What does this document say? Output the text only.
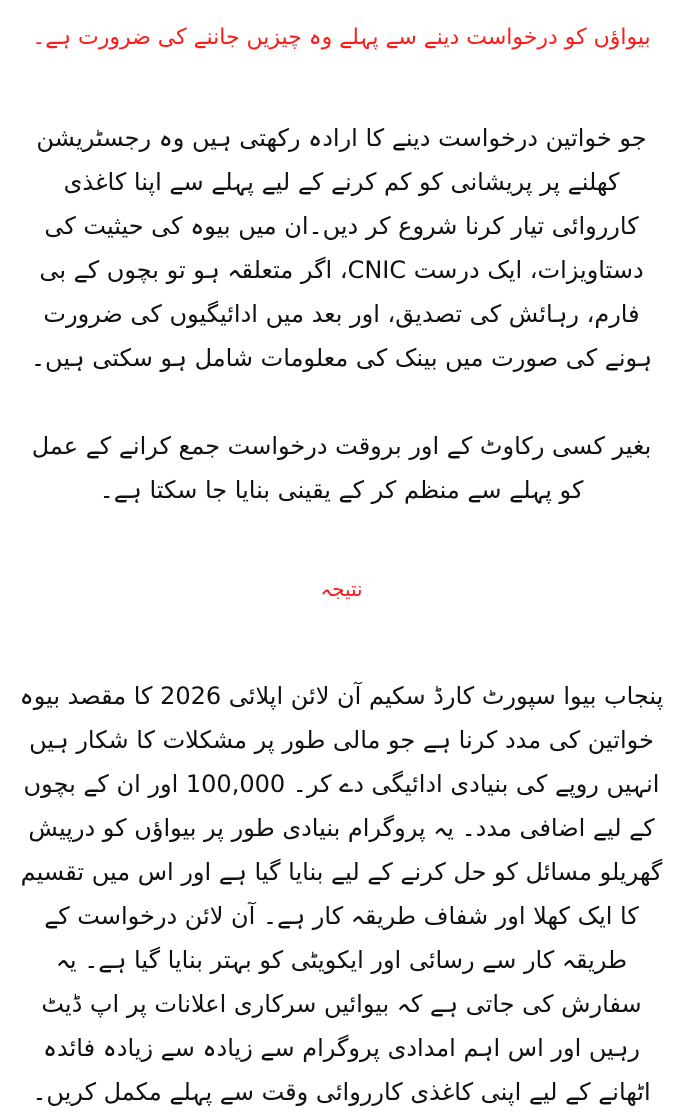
بیواؤں کو درخواست دینے سے پہلے وہ چیزیں جاننے کی ضرورت ہے۔

جو خواتین درخواست دینے کا ارادہ رکھتی ہیں وہ رجسٹریشن کھلنے پر پریشانی کو کم کرنے کے لیے پہلے سے اپنا کاغذی کارروائی تیار کرنا شروع کر دیں۔ان میں بیوہ کی حیثیت کی دستاویزات، ایک درست CNIC، اگر متعلقہ ہو تو بچوں کے بی فارم، رہائش کی تصدیق، اور بعد میں ادائیگیوں کی ضرورت ہونے کی صورت میں بینک کی معلومات شامل ہو سکتی ہیں۔

بغیر کسی رکاوٹ کے اور بروقت درخواست جمع کرانے کے عمل کو پہلے سے منظم کر کے یقینی بنایا جا سکتا ہے۔

نتیجہ

پنجاب بیوا سپورٹ کارڈ سکیم آن لائن اپلائی 2026 کا مقصد بیوہ خواتین کی مدد کرنا ہے جو مالی طور پر مشکلات کا شکار ہیں انہیں روپے کی بنیادی ادائیگی دے کر۔ 100,000 اور ان کے بچوں کے لیے اضافی مدد۔ یہ پروگرام بنیادی طور پر بیواؤں کو درپیش گھریلو مسائل کو حل کرنے کے لیے بنایا گیا ہے اور اس میں تقسیم کا ایک کھلا اور شفاف طریقہ کار ہے۔ آن لائن درخواست کے طریقہ کار سے رسائی اور ایکویٹی کو بہتر بنایا گیا ہے۔ یہ سفارش کی جاتی ہے کہ بیوائیں سرکاری اعلانات پر اپ ڈیٹ رہیں اور اس اہم امدادی پروگرام سے زیادہ سے زیادہ فائدہ اٹھانے کے لیے اپنی کاغذی کارروائی وقت سے پہلے مکمل کریں۔
